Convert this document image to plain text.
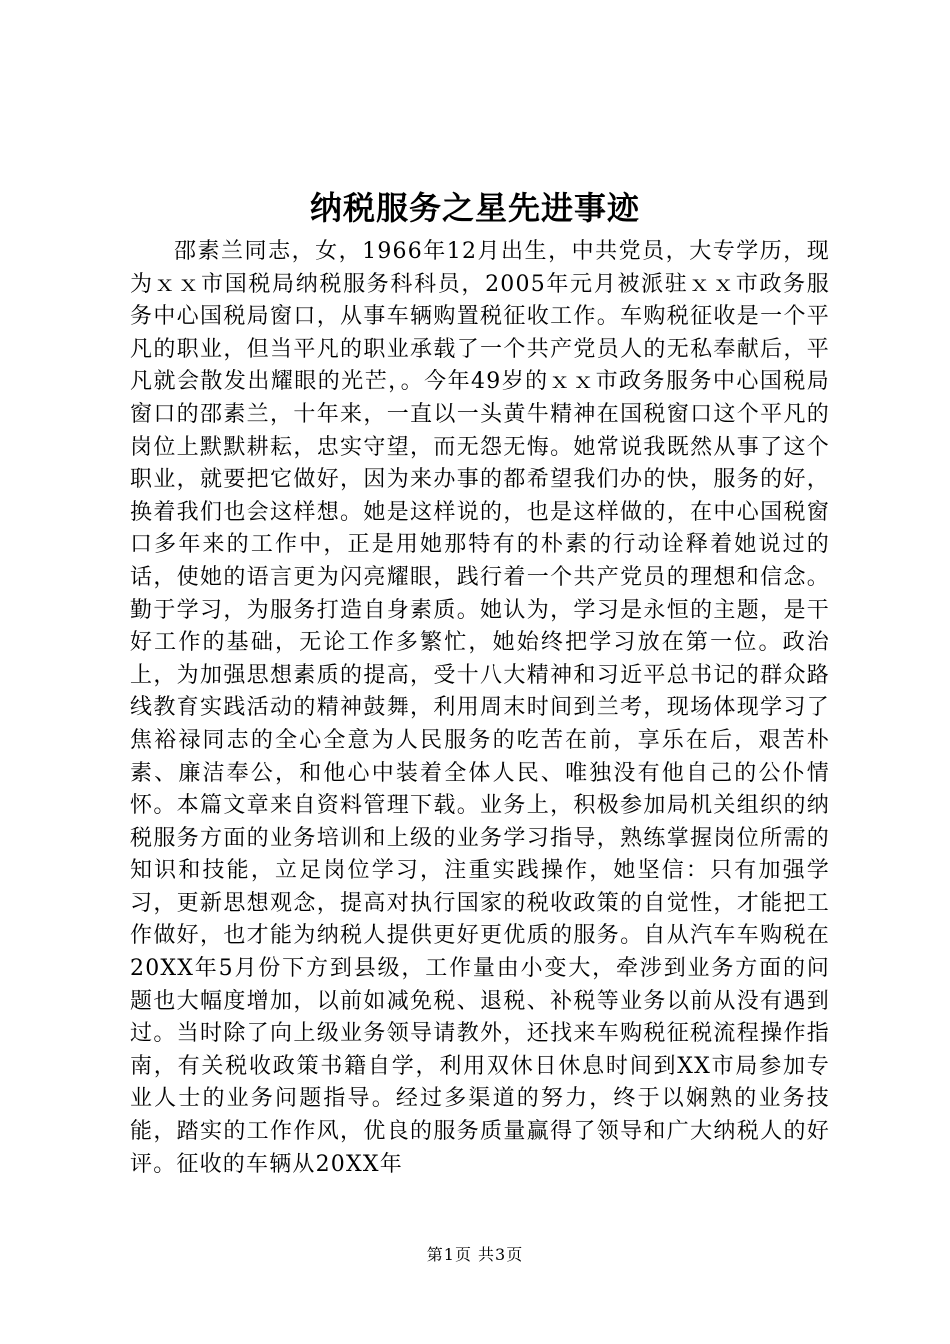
纳税服务之星先进事迹

邵素兰同志，女，1966年12月出生，中共党员，大专学历，现为ｘｘ市国税局纳税服务科科员，2005年元月被派驻ｘｘ市政务服务中心国税局窗口，从事车辆购置税征收工作。车购税征收是一个平凡的职业，但当平凡的职业承载了一个共产党员人的无私奉献后，平凡就会散发出耀眼的光芒，。今年49岁的ｘｘ市政务服务中心国税局窗口的邵素兰，十年来，一直以一头黄牛精神在国税窗口这个平凡的岗位上默默耕耘，忠实守望，而无怨无悔。她常说我既然从事了这个职业，就要把它做好，因为来办事的都希望我们办的快，服务的好，换着我们也会这样想。她是这样说的，也是这样做的，在中心国税窗口多年来的工作中，正是用她那特有的朴素的行动诠释着她说过的话，使她的语言更为闪亮耀眼，践行着一个共产党员的理想和信念。勤于学习，为服务打造自身素质。她认为，学习是永恒的主题，是干好工作的基础，无论工作多繁忙，她始终把学习放在第一位。政治上，为加强思想素质的提高，受十八大精神和习近平总书记的群众路线教育实践活动的精神鼓舞，利用周末时间到兰考，现场体现学习了焦裕禄同志的全心全意为人民服务的吃苦在前，享乐在后，艰苦朴素、廉洁奉公，和他心中装着全体人民、唯独没有他自己的公仆情怀。本篇文章来自资料管理下载。业务上，积极参加局机关组织的纳税服务方面的业务培训和上级的业务学习指导，熟练掌握岗位所需的知识和技能，立足岗位学习，注重实践操作，她坚信：只有加强学习，更新思想观念，提高对执行国家的税收政策的自觉性，才能把工作做好，也才能为纳税人提供更好更优质的服务。自从汽车车购税在20XX年5月份下方到县级，工作量由小变大，牵涉到业务方面的问题也大幅度增加，以前如减免税、退税、补税等业务以前从没有遇到过。当时除了向上级业务领导请教外，还找来车购税征税流程操作指南，有关税收政策书籍自学，利用双休日休息时间到XX市局参加专业人士的业务问题指导。经过多渠道的努力，终于以娴熟的业务技能，踏实的工作作风，优良的服务质量赢得了领导和广大纳税人的好评。征收的车辆从20XX年

第1页 共3页
